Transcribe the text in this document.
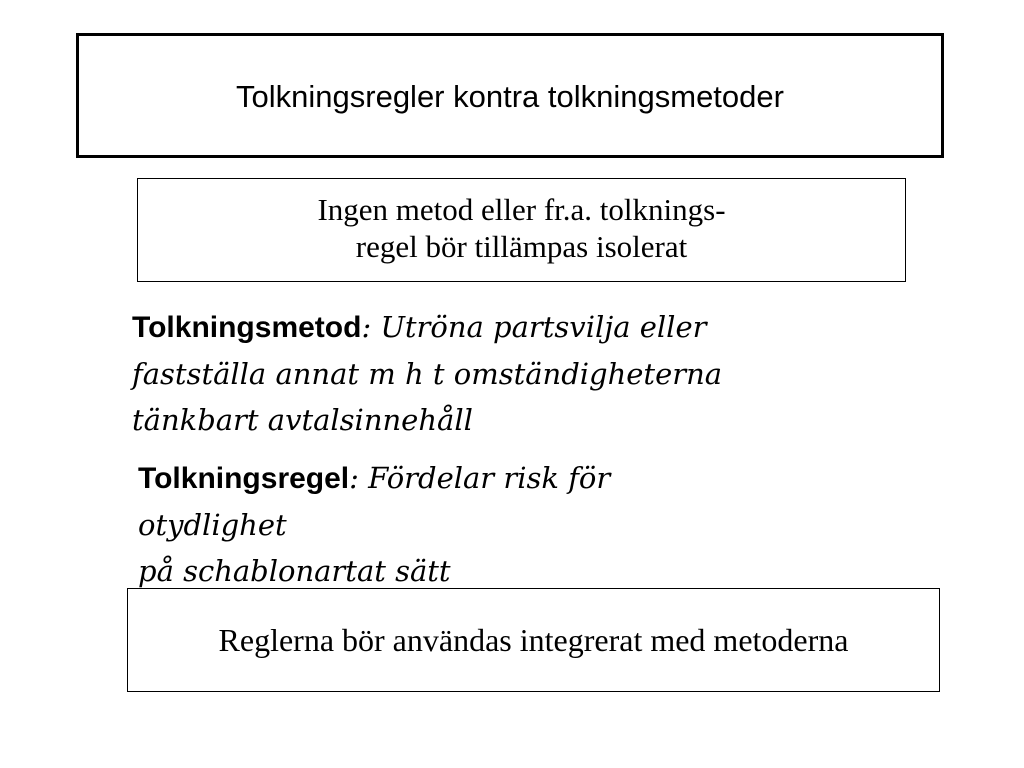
Tolkningsregler kontra tolkningsmetoder
Ingen metod eller fr.a. tolknings-
regel bör tillämpas isolerat
Tolkningsmetod: Utröna partsvilja eller
fastställa annat m h t omständigheterna
tänkbart avtalsinnehåll
Tolkningsregel: Fördelar risk för
otydlighet
på schablonartat sätt
Reglerna bör användas integrerat med metoderna
